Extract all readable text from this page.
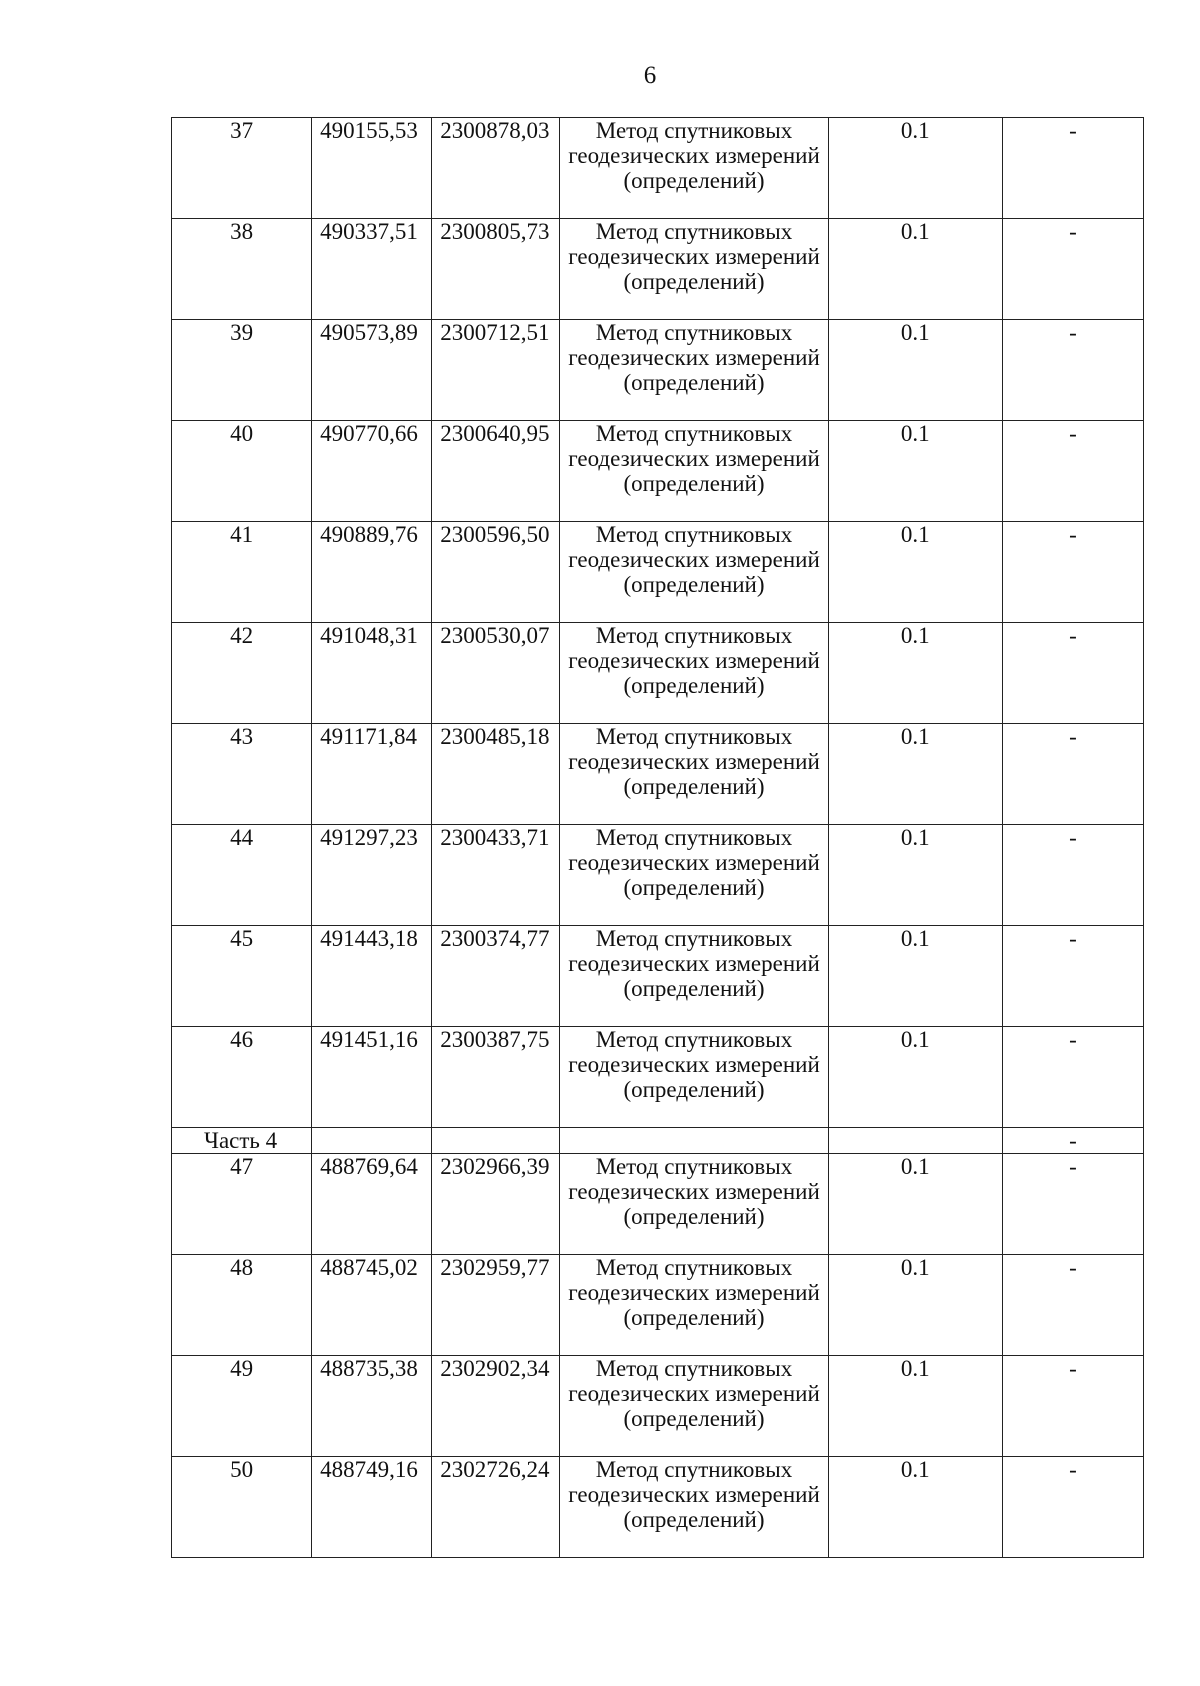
6
37	490155,53	2300878,03	Метод спутниковых геодезических измерений (определений)	0.1	-
38	490337,51	2300805,73	Метод спутниковых геодезических измерений (определений)	0.1	-
39	490573,89	2300712,51	Метод спутниковых геодезических измерений (определений)	0.1	-
40	490770,66	2300640,95	Метод спутниковых геодезических измерений (определений)	0.1	-
41	490889,76	2300596,50	Метод спутниковых геодезических измерений (определений)	0.1	-
42	491048,31	2300530,07	Метод спутниковых геодезических измерений (определений)	0.1	-
43	491171,84	2300485,18	Метод спутниковых геодезических измерений (определений)	0.1	-
44	491297,23	2300433,71	Метод спутниковых геодезических измерений (определений)	0.1	-
45	491443,18	2300374,77	Метод спутниковых геодезических измерений (определений)	0.1	-
46	491451,16	2300387,75	Метод спутниковых геодезических измерений (определений)	0.1	-
Часть 4					-
47	488769,64	2302966,39	Метод спутниковых геодезических измерений (определений)	0.1	-
48	488745,02	2302959,77	Метод спутниковых геодезических измерений (определений)	0.1	-
49	488735,38	2302902,34	Метод спутниковых геодезических измерений (определений)	0.1	-
50	488749,16	2302726,24	Метод спутниковых геодезических измерений (определений)	0.1	-
